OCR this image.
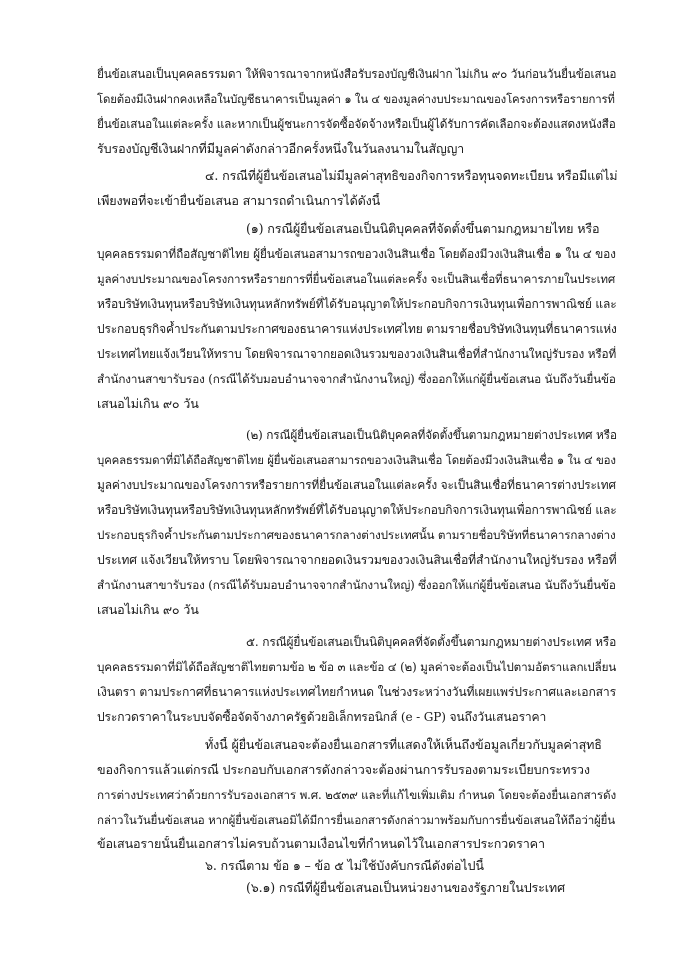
ยื่นข้อเสนอเป็นบุคคลธรรมดา ให้พิจารณาจากหนังสือรับรองบัญชีเงินฝาก ไม่เกิน ๙๐ วันก่อนวันยื่นข้อเสนอ
โดยต้องมีเงินฝากคงเหลือในบัญชีธนาคารเป็นมูลค่า ๑ ใน ๔ ของมูลค่างบประมาณของโครงการหรือรายการที่
ยื่นข้อเสนอในแต่ละครั้ง และหากเป็นผู้ชนะการจัดซื้อจัดจ้างหรือเป็นผู้ได้รับการคัดเลือกจะต้องแสดงหนังสือ
รับรองบัญชีเงินฝากที่มีมูลค่าดังกล่าวอีกครั้งหนึ่งในวันลงนามในสัญญา
๔. กรณีที่ผู้ยื่นข้อเสนอไม่มีมูลค่าสุทธิของกิจการหรือทุนจดทะเบียน หรือมีแต่ไม่
เพียงพอที่จะเข้ายื่นข้อเสนอ สามารถดำเนินการได้ดังนี้
(๑) กรณีผู้ยื่นข้อเสนอเป็นนิติบุคคลที่จัดตั้งขึ้นตามกฎหมายไทย หรือ
บุคคลธรรมดาที่ถือสัญชาติไทย ผู้ยื่นข้อเสนอสามารถขอวงเงินสินเชื่อ โดยต้องมีวงเงินสินเชื่อ ๑ ใน ๔ ของ
มูลค่างบประมาณของโครงการหรือรายการที่ยื่นข้อเสนอในแต่ละครั้ง จะเป็นสินเชื่อที่ธนาคารภายในประเทศ
หรือบริษัทเงินทุนหรือบริษัทเงินทุนหลักทรัพย์ที่ได้รับอนุญาตให้ประกอบกิจการเงินทุนเพื่อการพาณิชย์ และ
ประกอบธุรกิจค้ำประกันตามประกาศของธนาคารแห่งประเทศไทย ตามรายชื่อบริษัทเงินทุนที่ธนาคารแห่ง
ประเทศไทยแจ้งเวียนให้ทราบ โดยพิจารณาจากยอดเงินรวมของวงเงินสินเชื่อที่สำนักงานใหญ่รับรอง หรือที่
สำนักงานสาขารับรอง (กรณีได้รับมอบอำนาจจากสำนักงานใหญ่) ซึ่งออกให้แก่ผู้ยื่นข้อเสนอ นับถึงวันยื่นข้อ
เสนอไม่เกิน ๙๐ วัน
(๒) กรณีผู้ยื่นข้อเสนอเป็นนิติบุคคลที่จัดตั้งขึ้นตามกฎหมายต่างประเทศ หรือ
บุคคลธรรมดาที่มิได้ถือสัญชาติไทย ผู้ยื่นข้อเสนอสามารถขอวงเงินสินเชื่อ โดยต้องมีวงเงินสินเชื่อ ๑ ใน ๔ ของ
มูลค่างบประมาณของโครงการหรือรายการที่ยื่นข้อเสนอในแต่ละครั้ง จะเป็นสินเชื่อที่ธนาคารต่างประเทศ
หรือบริษัทเงินทุนหรือบริษัทเงินทุนหลักทรัพย์ที่ได้รับอนุญาตให้ประกอบกิจการเงินทุนเพื่อการพาณิชย์ และ
ประกอบธุรกิจค้ำประกันตามประกาศของธนาคารกลางต่างประเทศนั้น ตามรายชื่อบริษัทที่ธนาคารกลางต่าง
ประเทศ แจ้งเวียนให้ทราบ โดยพิจารณาจากยอดเงินรวมของวงเงินสินเชื่อที่สำนักงานใหญ่รับรอง หรือที่
สำนักงานสาขารับรอง (กรณีได้รับมอบอำนาจจากสำนักงานใหญ่) ซึ่งออกให้แก่ผู้ยื่นข้อเสนอ นับถึงวันยื่นข้อ
เสนอไม่เกิน ๙๐ วัน
๕. กรณีผู้ยื่นข้อเสนอเป็นนิติบุคคลที่จัดตั้งขึ้นตามกฎหมายต่างประเทศ หรือ
บุคคลธรรมดาที่มิได้ถือสัญชาติไทยตามข้อ ๒ ข้อ ๓ และข้อ ๔ (๒) มูลค่าจะต้องเป็นไปตามอัตราแลกเปลี่ยน
เงินตรา ตามประกาศที่ธนาคารแห่งประเทศไทยกำหนด ในช่วงระหว่างวันที่เผยแพร่ประกาศและเอกสาร
ประกวดราคาในระบบจัดซื้อจัดจ้างภาครัฐด้วยอิเล็กทรอนิกส์ (e - GP) จนถึงวันเสนอราคา
ทั้งนี้ ผู้ยื่นข้อเสนอจะต้องยื่นเอกสารที่แสดงให้เห็นถึงข้อมูลเกี่ยวกับมูลค่าสุทธิ
ของกิจการแล้วแต่กรณี ประกอบกับเอกสารดังกล่าวจะต้องผ่านการรับรองตามระเบียบกระทรวง
การต่างประเทศว่าด้วยการรับรองเอกสาร พ.ศ. ๒๕๓๙ และที่แก้ไขเพิ่มเติม กำหนด โดยจะต้องยื่นเอกสารดัง
กล่าวในวันยื่นข้อเสนอ หากผู้ยื่นข้อเสนอมิได้มีการยื่นเอกสารดังกล่าวมาพร้อมกับการยื่นข้อเสนอให้ถือว่าผู้ยื่น
ข้อเสนอรายนั้นยื่นเอกสารไม่ครบถ้วนตามเงื่อนไขที่กำหนดไว้ในเอกสารประกวดราคา
๖. กรณีตาม ข้อ ๑ – ข้อ ๕ ไม่ใช้บังคับกรณีดังต่อไปนี้
(๖.๑) กรณีที่ผู้ยื่นข้อเสนอเป็นหน่วยงานของรัฐภายในประเทศ
